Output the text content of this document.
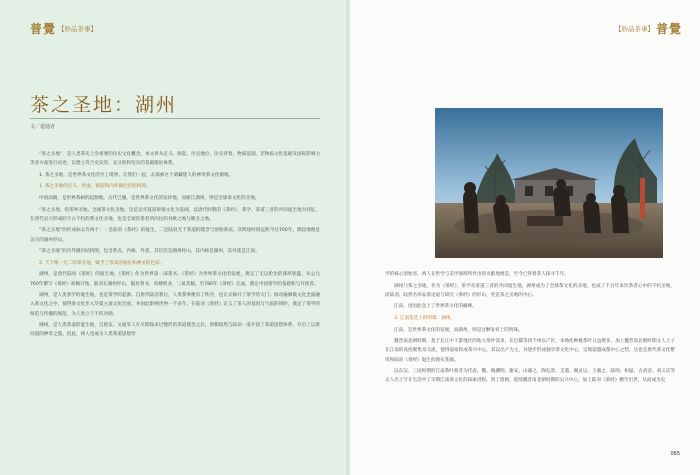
普覺 【妙品茶事】
茶之圣地：湖州
文／道通者

“茶之圣地”，是人类茶史上崇重要的历史文化概念。本文将从定义、源起、历史地位、历史背景、物质基础、非物质文化基础及国际影响力等多方面进行论述，以建立符合史实的、充分的和坚实的基础理论体系。

1. 茶之圣地，是世界茶文化的至上境界。让我们一起，去探索这个萌藏迷人的神奇茶文化源地。

1. 茶之圣地的定义、形成、源起和内外微层层结构图。

中国而偶，是世界茶树的起源地。古代已履，是世界茶文化的发祥地，而浙江湖州，则是全球茶文化的圣地。

“茶之圣地，指茶界圣地、全球茶文化圣地。这是以华夏道辩微文化为基础，以唐代时期的《茶经》、茶学、茶道三者的共同诞生地为特征，在唐代吴兴形成的千古不朽的茶文化圣地，也是全球饮茶者所向往的谷歌之地与朝圣之地。

“茶之圣地”的形成标志有两个：一是陆羽《茶经》的诞生，二是陆羽光于茶道的理念与创始茶法，其辉煌时间远距今达700年，源起地便是吴兴的湖州杼山。

“茶之圣地”的内外圈层结构图，包含茶点、内核、外延，其层次是湖州杼山，其内核是湖州，其外延是江南。

2. 天下唯一无二的茶圣地，赋予了崇高的地位和神圣的色彩。

湖州，是唐代陆羽《茶经》的诞生地，《茶经》作为世界第一部茶书，《茶经》为世界茶文化的发展，奠定了无以伦比的深厚底蕴，从公元760年撰写《茶经》初稿开始，陆羽在湖州杼山，隐居著书，青塘别业，三易其稿，至780年《茶经》完成，奠定中国茶学的基础和与开创者。

湖州，是人类茶学的诞生地，也是茶学的起源。自唐代陆羽著后，人类茶事便有了秩序，也正式揭开了茶学的大门；推动遍修微文化全面融入茶文化之中，使得茶文化步入华夏主流文化层面，并因此影响世界一千多年，在陆羽《茶经》定义了茶人的基因与气质的同时，奠定了茶学的师范与传播的规范，为人类立下不朽功勋。

湖州，是人类茶道的诞生地，自唐玄、文通等人在早期探求过慢形的茶道理念之后，唐朝皎然与陆羽一道开创了茶道思想体系，开启了以茶问道的神奇之旅。因此，两人也成为人类茶道思想形

【妙品茶事】 普覺

学的核心创始者，两人在哲学与美学领域所作出的贡献地便是，至今已得着茶人探寻千年。

湖州乃茶之圣地，作为《茶经》、茶学及茶道三者的共同诞生地，湖州成为了全球茶文化的圣地，也成了千百年来饮茶者心中的不朽圣地，而陆羽、皎然名举品茶论道与研究《茶经》的杼山，更是茶之圣地的中心。

江南，也因此登上了世界茶文化的巅峰。

3. 江南览廷上的明珠：湖州。

江南，是世界茶文化的发端，而湖州，则是这颗发祥上的明珠。

魏晋南北朝时期，基于长江中下游地区的地大茶叶需求，在巴蜀等四个州以产区，本地化种植茶叶日益增多，加上魏晋南北朝时期文人士子在江南的高度聚集及交流，使得道家和成茶兴中心，其以出产为主，并逐步形成独享茶文化中心，呈现超越成都中心之势，这也是唐代茶文化繁荣和陆羽《茶经》诞生的现实基础。

以东汉、三国时期的江南茶叶萌芽为代表，魏、陶渊明、谢安、山谦之、陶弘景、支遁、谢灵运、王羲之、陆纳、桓温、古武帝、刘义庆等众人名士写在生活中了早期江南茶文化的探索进程。到了唐朝，延续魏晋南北朝时期的吴兴中心，加上陆羽《茶经》横空出世，从而成为史

065
